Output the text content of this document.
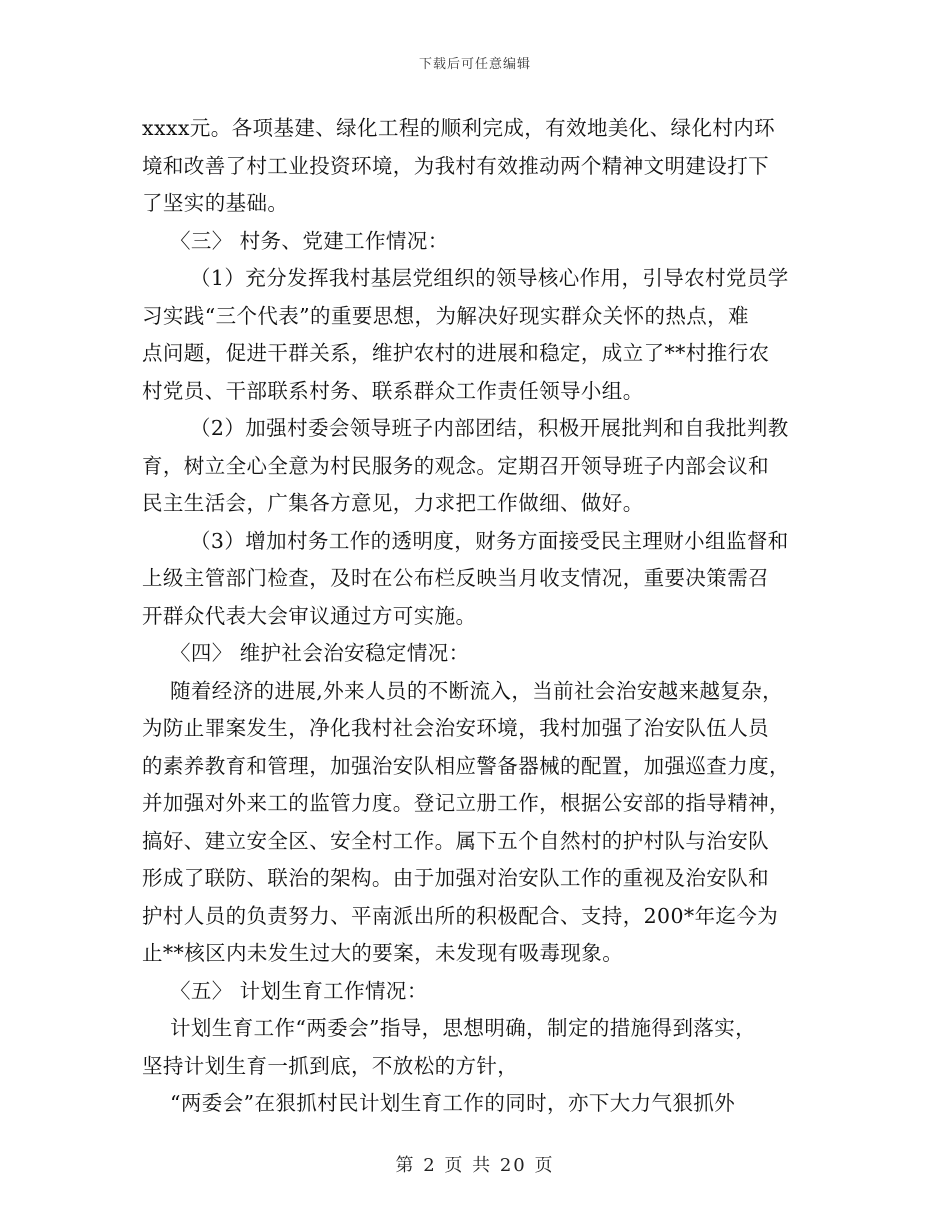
下载后可任意编辑
xxxx元。各项基建、绿化工程的顺利完成，有效地美化、绿化村内环
境和改善了村工业投资环境，为我村有效推动两个精神文明建设打下
了坚实的基础。
〈三〉 村务、党建工作情况：
（1）充分发挥我村基层党组织的领导核心作用，引导农村党员学
习实践“三个代表”的重要思想，为解决好现实群众关怀的热点，难
点问题，促进干群关系，维护农村的进展和稳定，成立了**村推行农
村党员、干部联系村务、联系群众工作责任领导小组。
（2）加强村委会领导班子内部团结，积极开展批判和自我批判教
育，树立全心全意为村民服务的观念。定期召开领导班子内部会议和
民主生活会，广集各方意见，力求把工作做细、做好。
（3）增加村务工作的透明度，财务方面接受民主理财小组监督和
上级主管部门检查，及时在公布栏反映当月收支情况，重要决策需召
开群众代表大会审议通过方可实施。
〈四〉 维护社会治安稳定情况：
随着经济的进展,外来人员的不断流入，当前社会治安越来越复杂，
为防止罪案发生，净化我村社会治安环境，我村加强了治安队伍人员
的素养教育和管理，加强治安队相应警备器械的配置，加强巡查力度，
并加强对外来工的监管力度。登记立册工作，根据公安部的指导精神，
搞好、建立安全区、安全村工作。属下五个自然村的护村队与治安队
形成了联防、联治的架构。由于加强对治安队工作的重视及治安队和
护村人员的负责努力、平南派出所的积极配合、支持，200*年迄今为
止**核区内未发生过大的要案，未发现有吸毒现象。
〈五〉 计划生育工作情况：
计划生育工作“两委会”指导，思想明确，制定的措施得到落实，
坚持计划生育一抓到底，不放松的方针，
“两委会”在狠抓村民计划生育工作的同时，亦下大力气狠抓外
第 2 页 共 20 页
